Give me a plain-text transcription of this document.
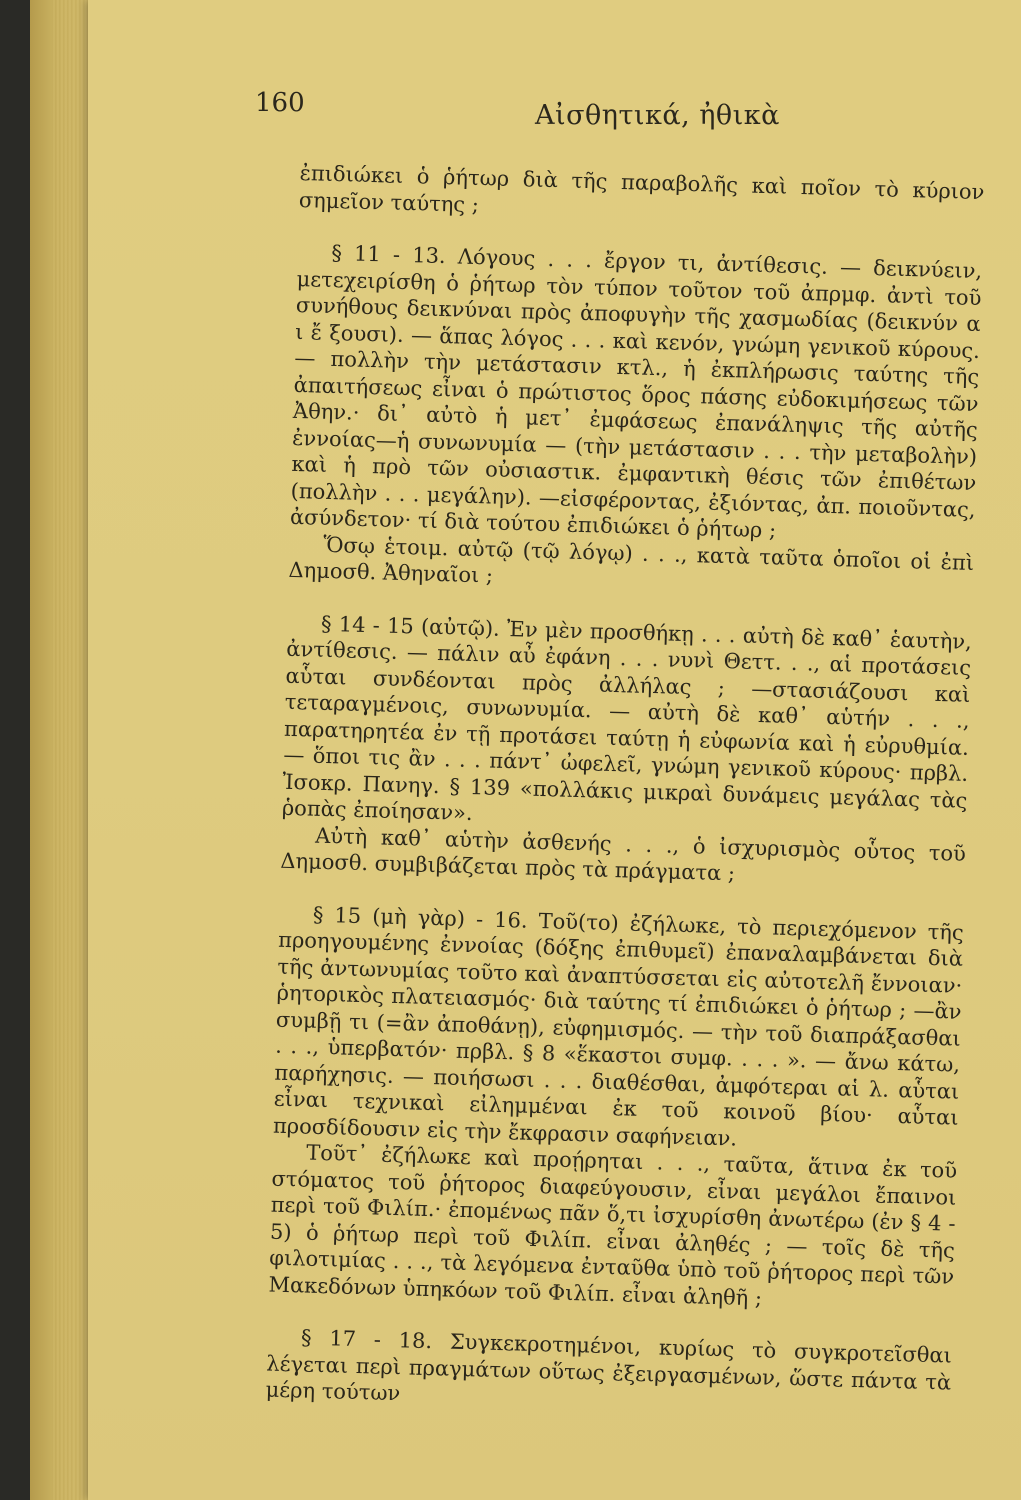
160	Αἰσθητικά, ἠθικὰ

ἐπιδιώκει ὁ ῥήτωρ διὰ τῆς παραβολῆς καὶ ποῖον τὸ κύριον σημεῖον ταύτης ;

§ 11 - 13. Λόγους . . . ἔργον τι, ἀντίθεσις. — δεικνύειν, μετεχειρίσθη ὁ ῥήτωρ τὸν τύπον τοῦτον τοῦ ἀπρμφ. ἀντὶ τοῦ συνήθους δεικνύναι πρὸς ἀποφυγὴν τῆς χασμωδίας (δεικνύν α ι ἔ ξουσι). — ἅπας λόγος . . . καὶ κενόν, γνώμη γενικοῦ κύρους. — πολλὴν τὴν μετάστασιν κτλ., ἡ ἐκπλήρωσις ταύτης τῆς ἀπαιτήσεως εἶναι ὁ πρώτιστος ὅρος πάσης εὐδοκιμήσεως τῶν Ἀθην.· δι᾽ αὐτὸ ἡ μετ᾽ ἐμφάσεως ἐπανάληψις τῆς αὐτῆς ἐννοίας—ἡ συνωνυμία — (τὴν μετάστασιν . . . τὴν μεταβολὴν) καὶ ἡ πρὸ τῶν οὐσιαστικ. ἐμφαντικὴ θέσις τῶν ἐπιθέτων (πολλὴν . . . μεγάλην). —εἰσφέροντας, ἐξιόντας, ἀπ. ποιοῦντας, ἀσύνδετον· τί διὰ τούτου ἐπιδιώκει ὁ ῥήτωρ ;

Ὅσῳ ἑτοιμ. αὐτῷ (τῷ λόγῳ) . . ., κατὰ ταῦτα ὁποῖοι οἱ ἐπὶ Δημοσθ. Ἀθηναῖοι ;

§ 14 - 15 (αὐτῷ). Ἐν μὲν προσθήκῃ . . . αὐτὴ δὲ καθ᾽ ἑαυτὴν, ἀντίθεσις. — πάλιν αὖ ἐφάνη . . . νυνὶ Θεττ. . ., αἱ προτάσεις αὗται συνδέονται πρὸς ἀλλήλας ; —στασιάζουσι καὶ τεταραγμένοις, συνωνυμία. — αὐτὴ δὲ καθ᾽ αὑτήν . . ., παρατηρητέα ἐν τῇ προτάσει ταύτῃ ἡ εὐφωνία καὶ ἡ εὐρυθμία. — ὅποι τις ἂν . . . πάντ᾽ ὠφελεῖ, γνώμη γενικοῦ κύρους· πρβλ. Ἰσοκρ. Πανηγ. § 139 «πολλάκις μικραὶ δυνάμεις μεγάλας τὰς ῥοπὰς ἐποίησαν».

Αὐτὴ καθ᾽ αὑτὴν ἀσθενής . . ., ὁ ἰσχυρισμὸς οὗτος τοῦ Δημοσθ. συμβιβάζεται πρὸς τὰ πράγματα ;

§ 15 (μὴ γὰρ) - 16. Τοῦ(το) ἐζήλωκε, τὸ περιεχόμενον τῆς προηγουμένης ἐννοίας (δόξης ἐπιθυμεῖ) ἐπαναλαμβάνεται διὰ τῆς ἀντωνυμίας τοῦτο καὶ ἀναπτύσσεται εἰς αὐτοτελῆ ἔννοιαν· ῥητορικὸς πλατειασμός· διὰ ταύτης τί ἐπιδιώκει ὁ ῥήτωρ ; —ἂν συμβῇ τι (=ἂν ἀποθάνῃ), εὐφημισμός. — τὴν τοῦ διαπράξασθαι . . ., ὑπερβατόν· πρβλ. § 8 «ἕκαστοι συμφ. . . . ». — ἄνω κάτω, παρήχησις. — ποιήσωσι . . . διαθέσθαι, ἀμφότεραι αἱ λ. αὗται εἶναι τεχνικαὶ εἰλημμέναι ἐκ τοῦ κοινοῦ βίου· αὗται προσδίδουσιν εἰς τὴν ἔκφρασιν σαφήνειαν.

Τοῦτ᾽ ἐζήλωκε καὶ προῄρηται . . ., ταῦτα, ἅτινα ἐκ τοῦ στόματος τοῦ ῥήτορος διαφεύγουσιν, εἶναι μεγάλοι ἔπαινοι περὶ τοῦ Φιλίπ.· ἐπομένως πᾶν ὅ,τι ἰσχυρίσθη ἀνωτέρω (ἐν § 4 - 5) ὁ ῥήτωρ περὶ τοῦ Φιλίπ. εἶναι ἀληθές ; — τοῖς δὲ τῆς φιλοτιμίας . . ., τὰ λεγόμενα ἐνταῦθα ὑπὸ τοῦ ῥήτορος περὶ τῶν Μακεδόνων ὑπηκόων τοῦ Φιλίπ. εἶναι ἀληθῆ ;

§ 17 - 18. Συγκεκροτημένοι, κυρίως τὸ συγκροτεῖσθαι λέγεται περὶ πραγμάτων οὕτως ἐξειργασμένων, ὥστε πάντα τὰ μέρη τούτων
